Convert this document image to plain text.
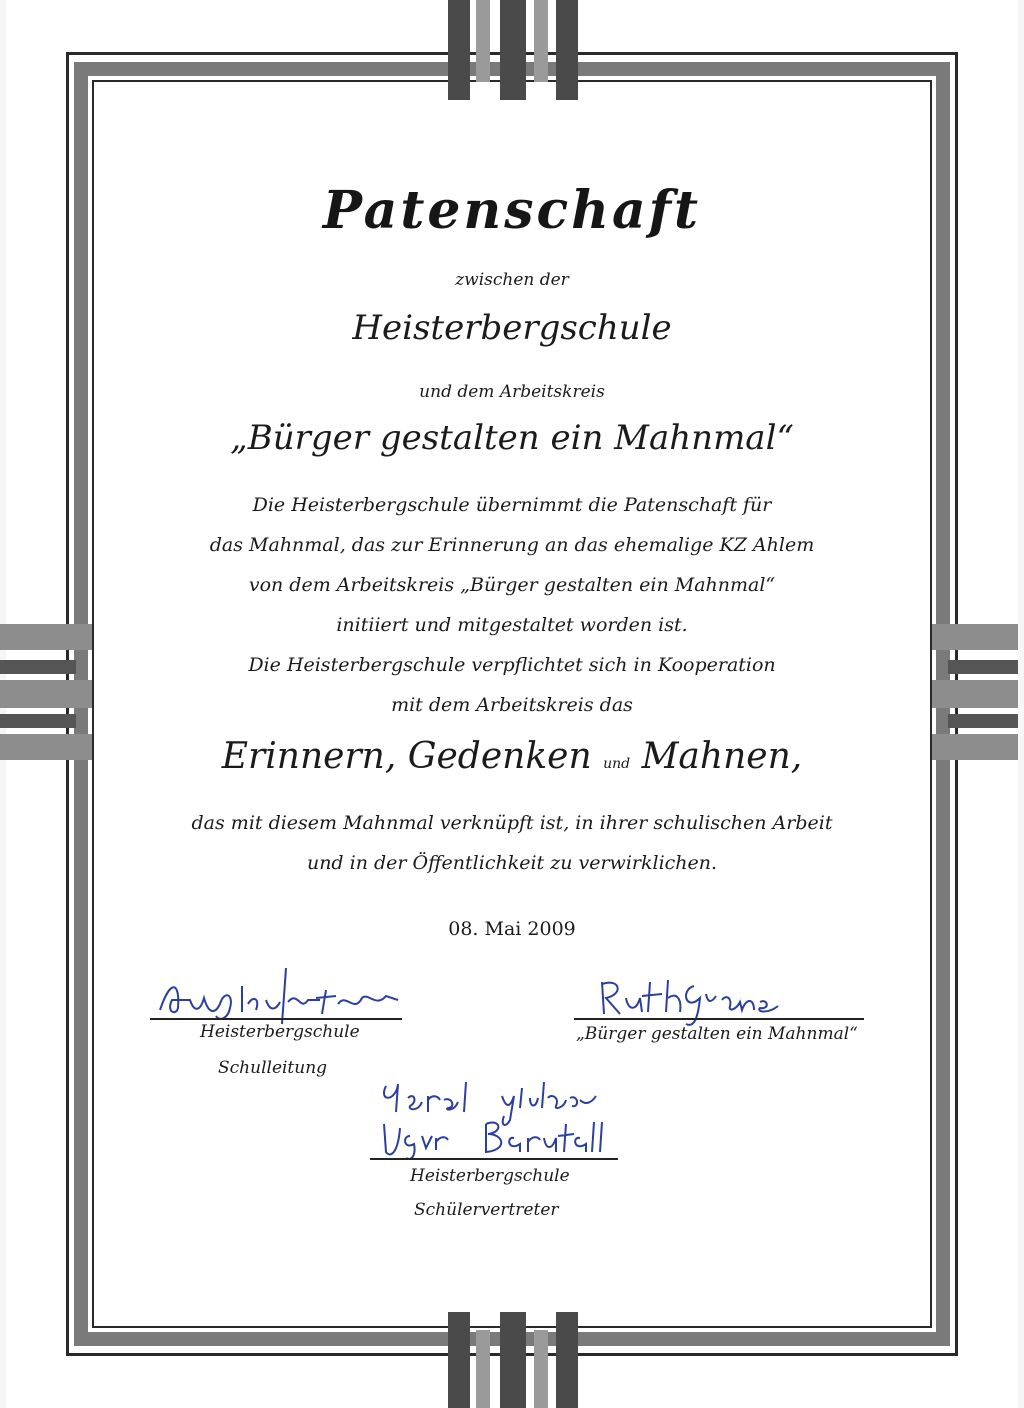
Patenschaft
zwischen der
Heisterbergschule
und dem Arbeitskreis
„Bürger gestalten ein Mahnmal“
Die Heisterbergschule übernimmt die Patenschaft für
das Mahnmal, das zur Erinnerung an das ehemalige KZ Ahlem
von dem Arbeitskreis „Bürger gestalten ein Mahnmal“
initiiert und mitgestaltet worden ist.
Die Heisterbergschule verpflichtet sich in Kooperation
mit dem Arbeitskreis das
Erinnern, Gedenken und Mahnen,
das mit diesem Mahnmal verknüpft ist, in ihrer schulischen Arbeit
und in der Öffentlichkeit zu verwirklichen.
08. Mai 2009
Heisterbergschule
Schulleitung
„Bürger gestalten ein Mahnmal“
Heisterbergschule
Schülervertreter
